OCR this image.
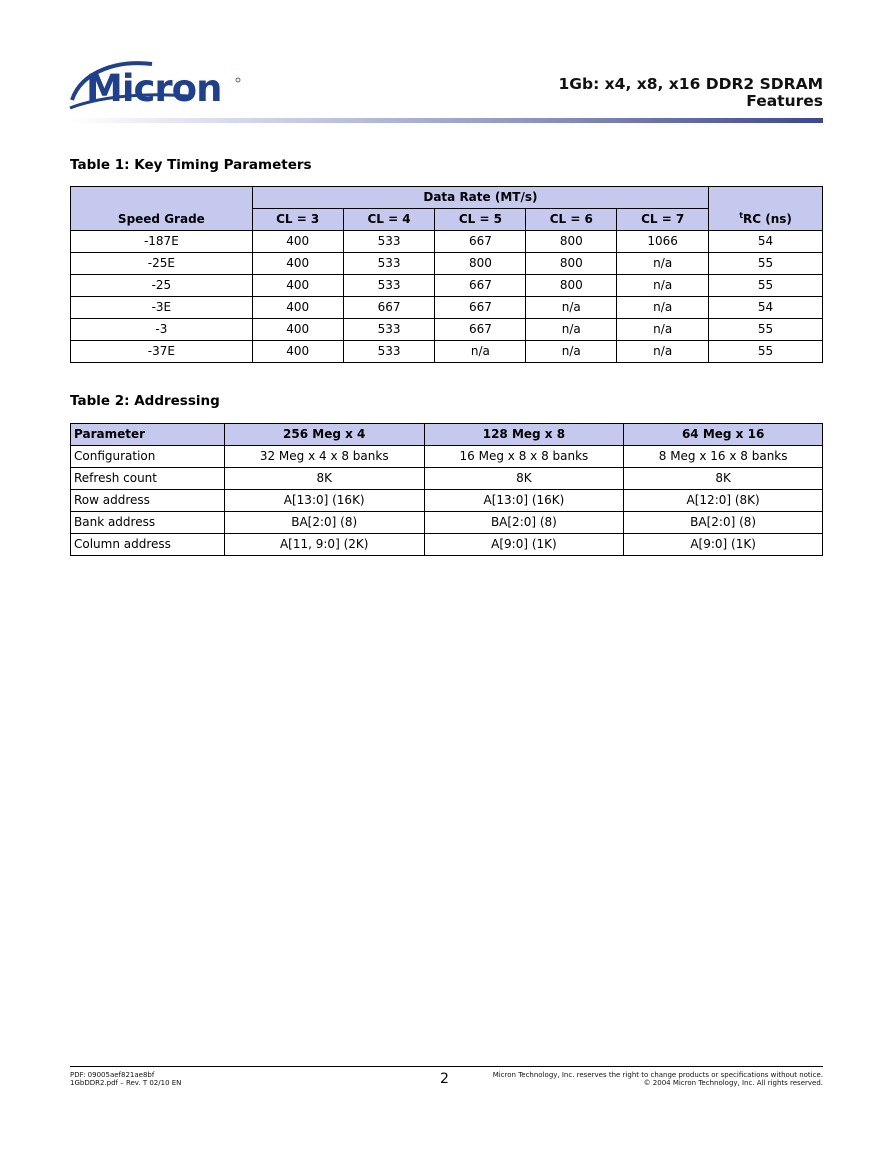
Micron	1Gb: x4, x8, x16 DDR2 SDRAM
Features
Table 1: Key Timing Parameters
Speed Grade	Data Rate (MT/s)					$^t$RC (ns)
	CL = 3	CL = 4	CL = 5	CL = 6	CL = 7	
-187E	400	533	667	800	1066	54
-25E	400	533	800	800	n/a	55
-25	400	533	667	800	n/a	55
-3E	400	667	667	n/a	n/a	54
-3	400	533	667	n/a	n/a	55
-37E	400	533	n/a	n/a	n/a	55
Table 2: Addressing
Parameter	256 Meg x 4	128 Meg x 8	64 Meg x 16
Configuration	32 Meg x 4 x 8 banks	16 Meg x 8 x 8 banks	8 Meg x 16 x 8 banks
Refresh count	8K	8K	8K
Row address	A[13:0] (16K)	A[13:0] (16K)	A[12:0] (8K)
Bank address	BA[2:0] (8)	BA[2:0] (8)	BA[2:0] (8)
Column address	A[11, 9:0] (2K)	A[9:0] (1K)	A[9:0] (1K)
PDF: 09005aef821ae8bf
1GbDDR2.pdf – Rev. T 02/10 EN	2	Micron Technology, Inc. reserves the right to change products or specifications without notice.
© 2004 Micron Technology, Inc. All rights reserved.
